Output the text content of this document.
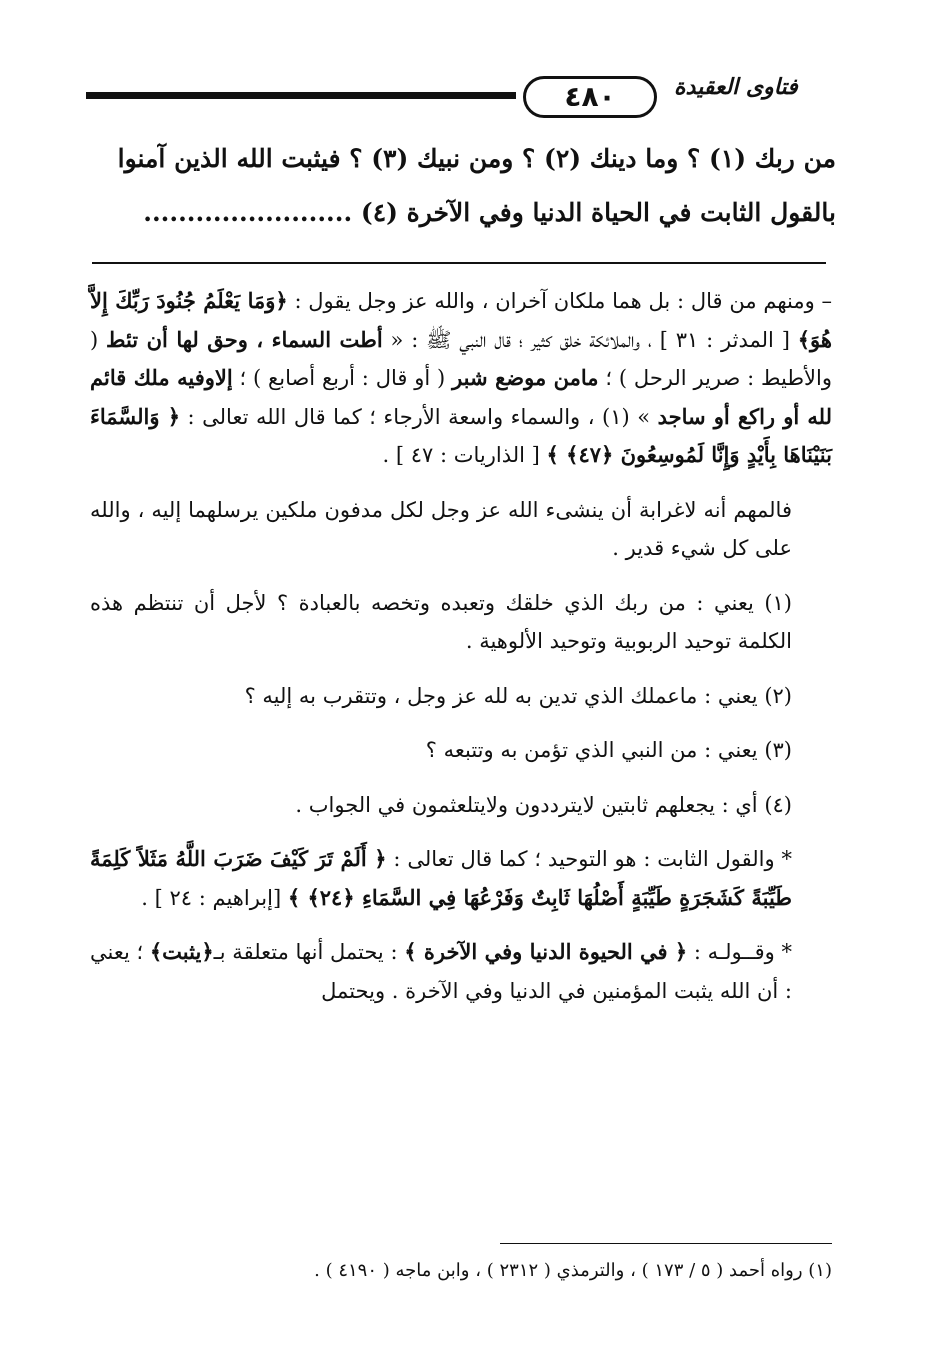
٤٨٠	فتاوى العقيدة
من ربك (١) ؟ وما دينك (٢) ؟ ومن نبيك (٣) ؟ فيثبت الله الذين آمنوا
بالقول الثابت في الحياة الدنيا وفي الآخرة (٤) ........................

– ومنهم من قال : بل هما ملكان آخران ، والله عز وجل يقول : ﴿وَمَا يَعْلَمُ جُنُودَ رَبِّكَ إِلاَّ هُوَ﴾ [ المدثر : ٣١ ] ، والملائكة خلق كثير ؛ قال النبي ﷺ : « أطت السماء ، وحق لها أن تئط ( والأطيط : صرير الرحل ) ؛ مامن موضع شبر ( أو قال : أربع أصابع ) ؛ إلاوفيه ملك قائم لله أو راكع أو ساجد » (١) ، والسماء واسعة الأرجاء ؛ كما قال الله تعالى : ﴿ وَالسَّمَاءَ بَنَيْنَاهَا بِأَيْدٍ وَإِنَّا لَمُوسِعُونَ ﴿٤٧﴾ ﴾ [ الذاريات : ٤٧ ] .

فالمهم أنه لاغرابة أن ينشىء الله عز وجل لكل مدفون ملكين يرسلهما إليه ، والله على كل شيء قدير .

(١) يعني : من ربك الذي خلقك وتعبده وتخصه بالعبادة ؟ لأجل أن تنتظم هذه الكلمة توحيد الربوبية وتوحيد الألوهية .

(٢) يعني : ماعملك الذي تدين به لله عز وجل ، وتتقرب به إليه ؟

(٣) يعني : من النبي الذي تؤمن به وتتبعه ؟

(٤) أي : يجعلهم ثابتين لايترددون ولايتلعثمون في الجواب .

* والقول الثابت : هو التوحيد ؛ كما قال تعالى : ﴿ أَلَمْ تَرَ كَيْفَ ضَرَبَ اللَّهُ مَثَلاً كَلِمَةً طَيِّبَةً كَشَجَرَةٍ طَيِّبَةٍ أَصْلُهَا ثَابِتٌ وَفَرْعُهَا فِي السَّمَاءِ ﴿٢٤﴾ ﴾ [إبراهيم : ٢٤ ] .

* وقــولـه : ﴿ في الحيوة الدنيا وفي الآخرة ﴾ : يحتمل أنها متعلقة بـ﴿يثبت﴾ ؛ يعني : أن الله يثبت المؤمنين في الدنيا وفي الآخرة . ويحتمل

(١) رواه أحمد ( ٥ / ١٧٣ ) ، والترمذي ( ٢٣١٢ ) ، وابن ماجه ( ٤١٩٠ ) .
